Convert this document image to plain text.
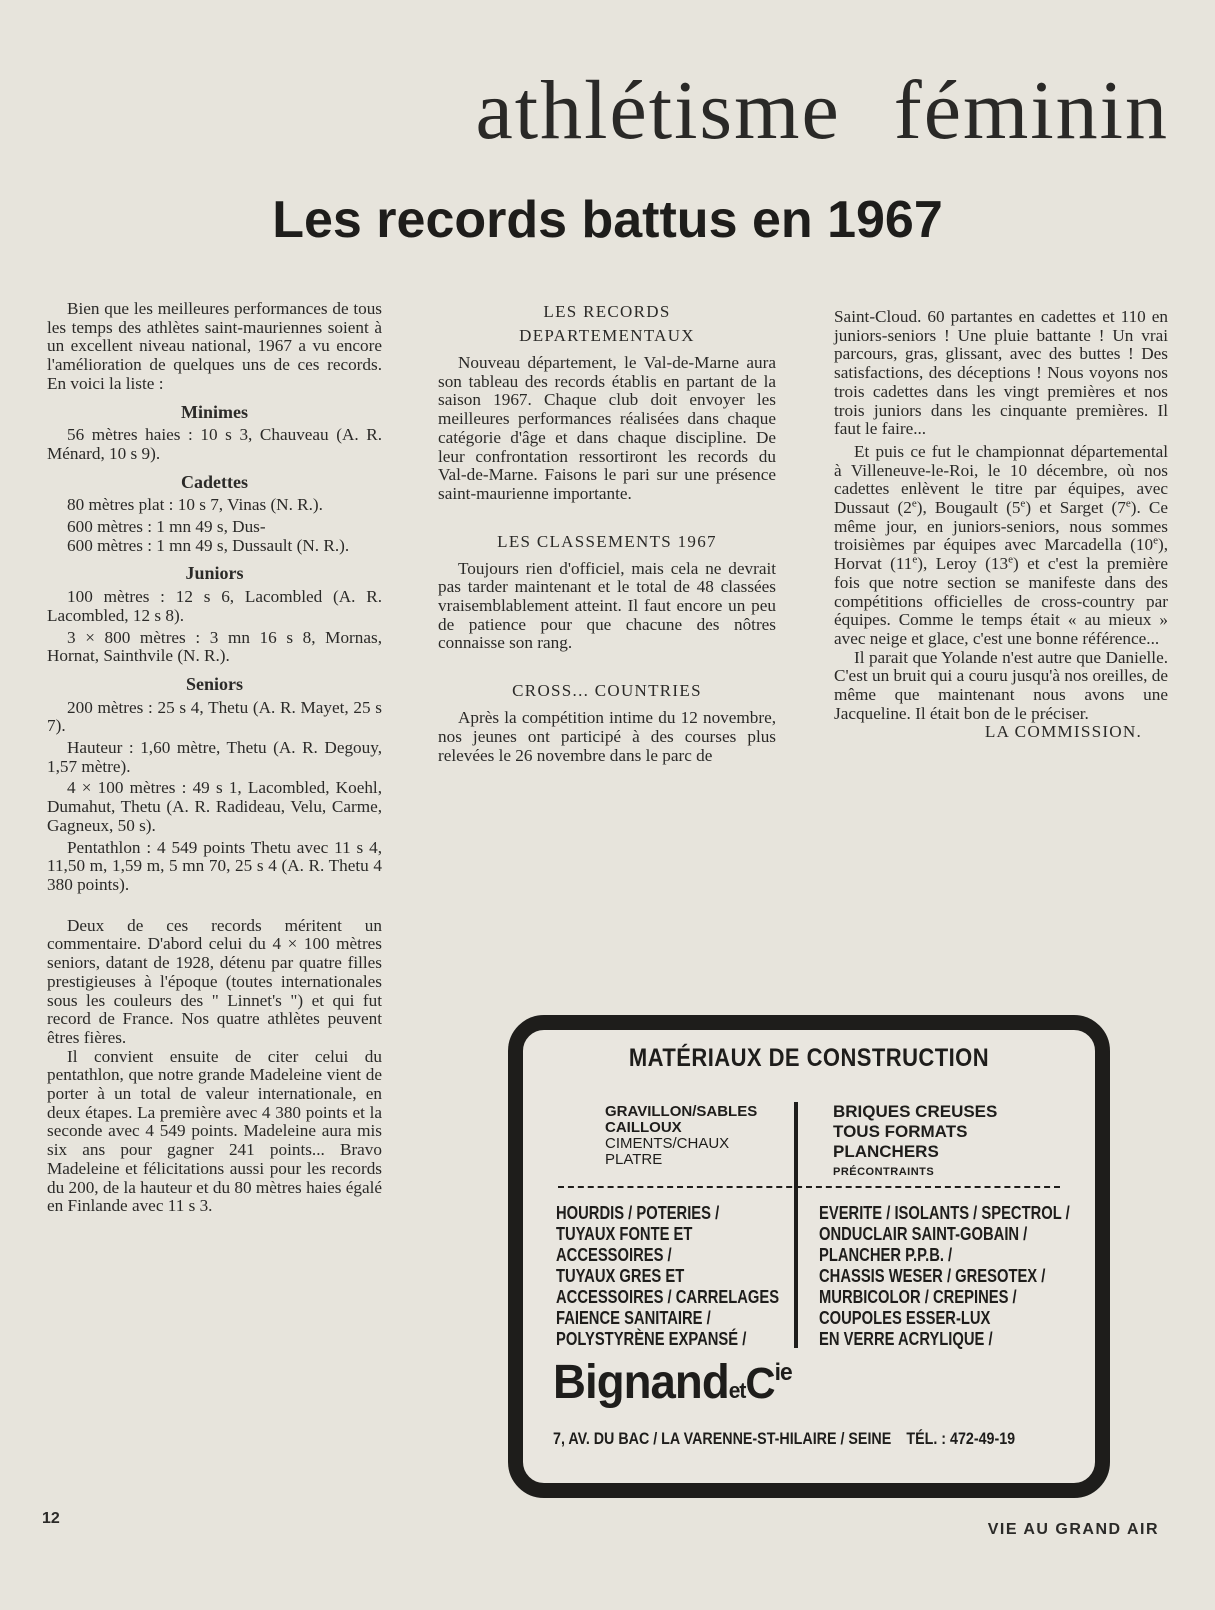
athlétisme féminin
Les records battus en 1967

Bien que les meilleures performances de tous les temps des athlètes saint-mauriennes soient à un excellent niveau national, 1967 a vu encore l'amélioration de quelques uns de ces records. En voici la liste :

Minimes

56 mètres haies : 10 s 3, Chauveau (A. R. Ménard, 10 s 9).

Cadettes

80 mètres plat : 10 s 7, Vinas (N. R.).

600 mètres : 1 mn 49 s, Dus-

600 mètres : 1 mn 49 s, Dussault (N. R.).

Juniors

100 mètres : 12 s 6, Lacombled (A. R. Lacombled, 12 s 8).

3 × 800 mètres : 3 mn 16 s 8, Mornas, Hornat, Sainthvile (N. R.).

Seniors

200 mètres : 25 s 4, Thetu (A. R. Mayet, 25 s 7).

Hauteur : 1,60 mètre, Thetu (A. R. Degouy, 1,57 mètre).

4 × 100 mètres : 49 s 1, Lacombled, Koehl, Dumahut, Thetu (A. R. Radideau, Velu, Carme, Gagneux, 50 s).

Pentathlon : 4 549 points Thetu avec 11 s 4, 11,50 m, 1,59 m, 5 mn 70, 25 s 4 (A. R. Thetu 4 380 points).

Deux de ces records méritent un commentaire. D'abord celui du 4 × 100 mètres seniors, datant de 1928, détenu par quatre filles prestigieuses à l'époque (toutes internationales sous les couleurs des " Linnet's ") et qui fut record de France. Nos quatre athlètes peuvent êtres fières.

Il convient ensuite de citer celui du pentathlon, que notre grande Madeleine vient de porter à un total de valeur internationale, en deux étapes. La première avec 4 380 points et la seconde avec 4 549 points. Madeleine aura mis six ans pour gagner 241 points... Bravo Madeleine et félicitations aussi pour les records du 200, de la hauteur et du 80 mètres haies égalé en Finlande avec 11 s 3.

LES RECORDS
DEPARTEMENTAUX

Nouveau département, le Val-de-Marne aura son tableau des records établis en partant de la saison 1967. Chaque club doit envoyer les meilleures performances réalisées dans chaque catégorie d'âge et dans chaque discipline. De leur confrontation ressortiront les records du Val-de-Marne. Faisons le pari sur une présence saint-maurienne importante.

LES CLASSEMENTS 1967

Toujours rien d'officiel, mais cela ne devrait pas tarder maintenant et le total de 48 classées vraisemblablement atteint. Il faut encore un peu de patience pour que chacune des nôtres connaisse son rang.

CROSS... COUNTRIES

Après la compétition intime du 12 novembre, nos jeunes ont participé à des courses plus relevées le 26 novembre dans le parc de

Saint-Cloud. 60 partantes en cadettes et 110 en juniors-seniors ! Une pluie battante ! Un vrai parcours, gras, glissant, avec des buttes ! Des satisfactions, des déceptions ! Nous voyons nos trois cadettes dans les vingt premières et nos trois juniors dans les cinquante premières. Il faut le faire...

Et puis ce fut le championnat départemental à Villeneuve-le-Roi, le 10 décembre, où nos cadettes enlèvent le titre par équipes, avec Dussaut (2e), Bougault (5e) et Sarget (7e). Ce même jour, en juniors-seniors, nous sommes troisièmes par équipes avec Marcadella (10e), Horvat (11e), Leroy (13e) et c'est la première fois que notre section se manifeste dans des compétitions officielles de cross-country par équipes. Comme le temps était « au mieux » avec neige et glace, c'est une bonne référence...

Il parait que Yolande n'est autre que Danielle. C'est un bruit qui a couru jusqu'à nos oreilles, de même que maintenant nous avons une Jacqueline. Il était bon de le préciser.

LA COMMISSION.

MATÉRIAUX DE CONSTRUCTION
GRAVILLON/SABLES
CAILLOUX
CIMENTS/CHAUX
PLATRE
BRIQUES CREUSES
TOUS FORMATS
PLANCHERS
PRÉCONTRAINTS
HOURDIS / POTERIES /
TUYAUX FONTE ET
ACCESSOIRES /
TUYAUX GRES ET
ACCESSOIRES / CARRELAGES
FAIENCE SANITAIRE /
POLYSTYRÈNE EXPANSÉ /
EVERITE / ISOLANTS / SPECTROL /
ONDUCLAIR SAINT-GOBAIN /
PLANCHER P.P.B. /
CHASSIS WESER / GRESOTEX /
MURBICOLOR / CREPINES /
COUPOLES ESSER-LUX
EN VERRE ACRYLIQUE /
BignandetC$^{ie}$
7, AV. DU BAC / LA VARENNE-ST-HILAIRE / SEINE TÉL. : 472-49-19
12
VIE AU GRAND AIR
